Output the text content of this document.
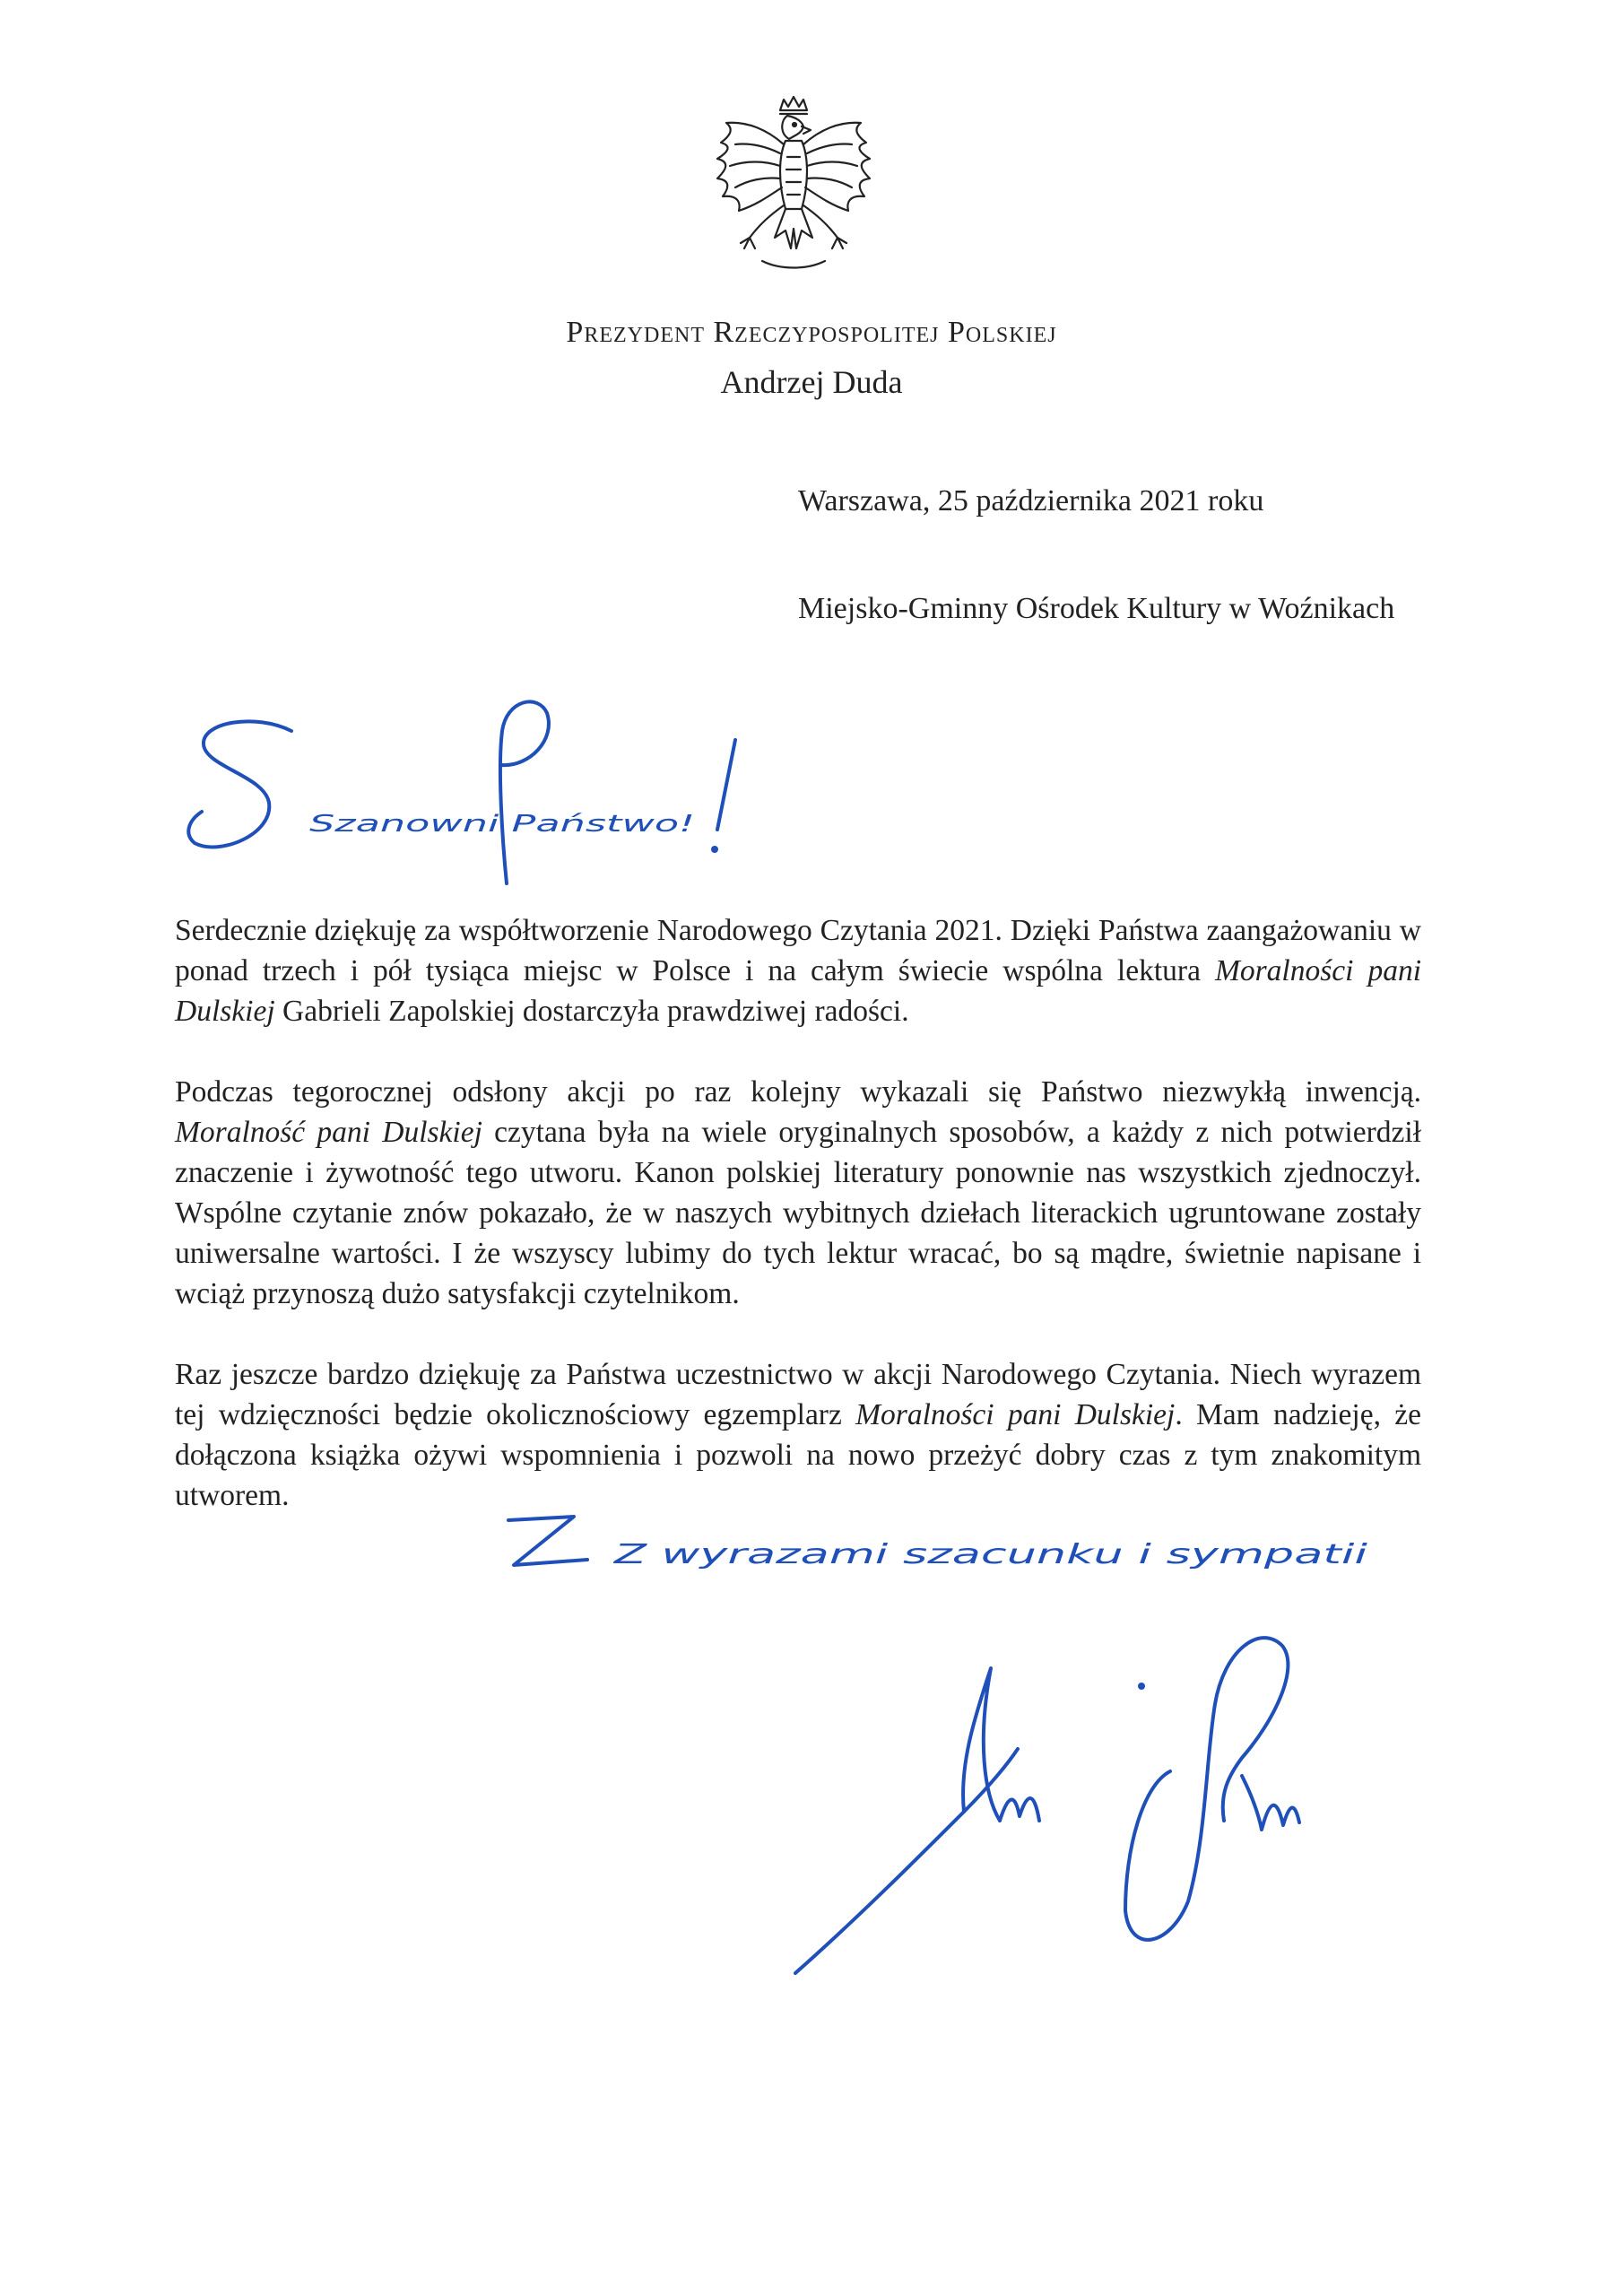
Prezydent Rzeczypospolitej Polskiej
Andrzej Duda
Warszawa, 25 października 2021 roku
Miejsko-Gminny Ośrodek Kultury w Woźnikach
Szanowni Państwo!

Serdecznie dziękuję za współtworzenie Narodowego Czytania 2021. Dzięki Państwa zaangażowaniu w ponad trzech i pół tysiąca miejsc w Polsce i na całym świecie wspólna lektura Moralności pani Dulskiej Gabrieli Zapolskiej dostarczyła prawdziwej radości.

Podczas tegorocznej odsłony akcji po raz kolejny wykazali się Państwo niezwykłą inwencją. Moralność pani Dulskiej czytana była na wiele oryginalnych sposobów, a każdy z nich potwierdził znaczenie i żywotność tego utworu. Kanon polskiej literatury ponownie nas wszystkich zjednoczył. Wspólne czytanie znów pokazało, że w naszych wybitnych dziełach literackich ugruntowane zostały uniwersalne wartości. I że wszyscy lubimy do tych lektur wracać, bo są mądre, świetnie napisane i wciąż przynoszą dużo satysfakcji czytelnikom.

Raz jeszcze bardzo dziękuję za Państwa uczestnictwo w akcji Narodowego Czytania. Niech wyrazem tej wdzięczności będzie okolicznościowy egzemplarz Moralności pani Dulskiej. Mam nadzieję, że dołączona książka ożywi wspomnienia i pozwoli na nowo przeżyć dobry czas z tym znakomitym utworem.

Z wyrazami szacunku i sympatii
